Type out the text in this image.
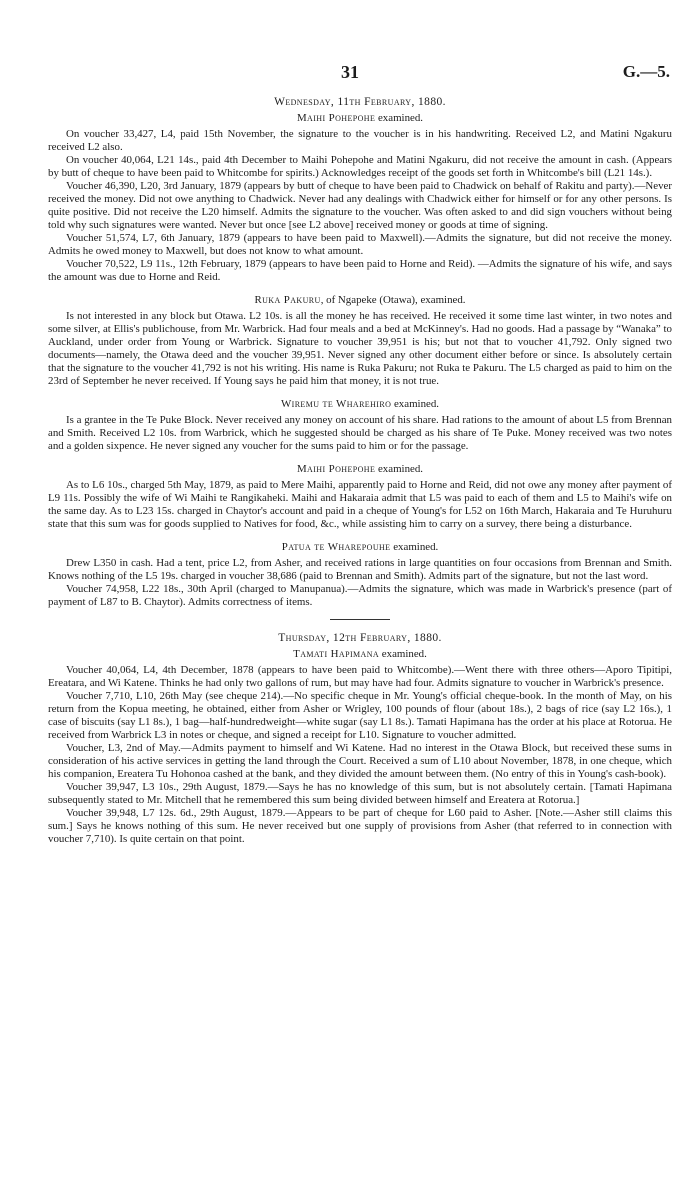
31	G.—5.
Wednesday, 11th February, 1880.
Maihi Pohepohe examined.

On voucher 33,427, L4, paid 15th November, the signature to the voucher is in his handwriting. Received L2, and Matini Ngakuru received L2 also.

On voucher 40,064, L21 14s., paid 4th December to Maihi Pohepohe and Matini Ngakuru, did not receive the amount in cash. (Appears by butt of cheque to have been paid to Whitcombe for spirits.) Acknowledges receipt of the goods set forth in Whitcombe's bill (L21 14s.).

Voucher 46,390, L20, 3rd January, 1879 (appears by butt of cheque to have been paid to Chadwick on behalf of Rakitu and party).—Never received the money. Did not owe anything to Chadwick. Never had any dealings with Chadwick either for himself or for any other persons. Is quite positive. Did not receive the L20 himself. Admits the signature to the voucher. Was often asked to and did sign vouchers without being told why such signatures were wanted. Never but once [see L2 above] received money or goods at time of signing.

Voucher 51,574, L7, 6th January, 1879 (appears to have been paid to Maxwell).—Admits the signature, but did not receive the money. Admits he owed money to Maxwell, but does not know to what amount.

Voucher 70,522, L9 11s., 12th February, 1879 (appears to have been paid to Horne and Reid). —Admits the signature of his wife, and says the amount was due to Horne and Reid.

Ruka Pakuru, of Ngapeke (Otawa), examined.

Is not interested in any block but Otawa. L2 10s. is all the money he has received. He received it some time last winter, in two notes and some silver, at Ellis's publichouse, from Mr. Warbrick. Had four meals and a bed at McKinney's. Had no goods. Had a passage by “Wanaka” to Auckland, under order from Young or Warbrick. Signature to voucher 39,951 is his; but not that to voucher 41,792. Only signed two documents—namely, the Otawa deed and the voucher 39,951. Never signed any other document either before or since. Is absolutely certain that the signature to the voucher 41,792 is not his writing. His name is Ruka Pakuru; not Ruka te Pakuru. The L5 charged as paid to him on the 23rd of September he never received. If Young says he paid him that money, it is not true.

Wiremu te Wharehiro examined.

Is a grantee in the Te Puke Block. Never received any money on account of his share. Had rations to the amount of about L5 from Brennan and Smith. Received L2 10s. from Warbrick, which he suggested should be charged as his share of Te Puke. Money received was two notes and a golden sixpence. He never signed any voucher for the sums paid to him or for the passage.

Maihi Pohepohe examined.

As to L6 10s., charged 5th May, 1879, as paid to Mere Maihi, apparently paid to Horne and Reid, did not owe any money after payment of L9 11s. Possibly the wife of Wi Maihi te Rangikaheki. Maihi and Hakaraia admit that L5 was paid to each of them and L5 to Maihi's wife on the same day. As to L23 15s. charged in Chaytor's account and paid in a cheque of Young's for L52 on 16th March, Hakaraia and Te Huruhuru state that this sum was for goods supplied to Natives for food, &c., while assisting him to carry on a survey, there being a disturbance.

Patua te Wharepouhe examined.

Drew L350 in cash. Had a tent, price L2, from Asher, and received rations in large quantities on four occasions from Brennan and Smith. Knows nothing of the L5 19s. charged in voucher 38,686 (paid to Brennan and Smith). Admits part of the signature, but not the last word.

Voucher 74,958, L22 18s., 30th April (charged to Manupanua).—Admits the signature, which was made in Warbrick's presence (part of payment of L87 to B. Chaytor). Admits correctness of items.

Thursday, 12th February, 1880.
Tamati Hapimana examined.

Voucher 40,064, L4, 4th December, 1878 (appears to have been paid to Whitcombe).—Went there with three others—Aporo Tipitipi, Ereatara, and Wi Katene. Thinks he had only two gallons of rum, but may have had four. Admits signature to voucher in Warbrick's presence.

Voucher 7,710, L10, 26th May (see cheque 214).—No specific cheque in Mr. Young's official cheque-book. In the month of May, on his return from the Kopua meeting, he obtained, either from Asher or Wrigley, 100 pounds of flour (about 18s.), 2 bags of rice (say L2 16s.), 1 case of biscuits (say L1 8s.), 1 bag—half-hundredweight—white sugar (say L1 8s.). Tamati Hapimana has the order at his place at Rotorua. He received from Warbrick L3 in notes or cheque, and signed a receipt for L10. Signature to voucher admitted.

Voucher, L3, 2nd of May.—Admits payment to himself and Wi Katene. Had no interest in the Otawa Block, but received these sums in consideration of his active services in getting the land through the Court. Received a sum of L10 about November, 1878, in one cheque, which his companion, Ereatera Tu Hohonoa cashed at the bank, and they divided the amount between them. (No entry of this in Young's cash-book).

Voucher 39,947, L3 10s., 29th August, 1879.—Says he has no knowledge of this sum, but is not absolutely certain. [Tamati Hapimana subsequently stated to Mr. Mitchell that he remembered this sum being divided between himself and Ereatera at Rotorua.]

Voucher 39,948, L7 12s. 6d., 29th August, 1879.—Appears to be part of cheque for L60 paid to Asher. [Note.—Asher still claims this sum.] Says he knows nothing of this sum. He never received but one supply of provisions from Asher (that referred to in connection with voucher 7,710). Is quite certain on that point.
